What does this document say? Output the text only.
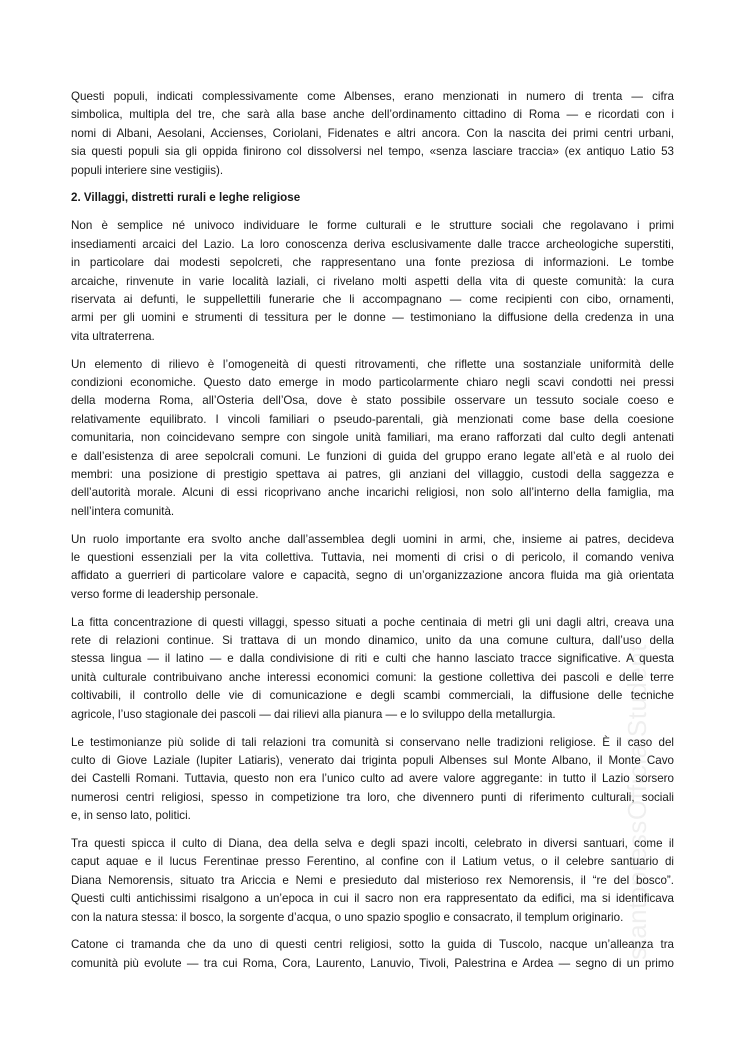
Questi populi, indicati complessivamente come Albenses, erano menzionati in numero di trenta — cifra
simbolica, multipla del tre, che sarà alla base anche dell’ordinamento cittadino di Roma — e ricordati con i
nomi di Albani, Aesolani, Accienses, Coriolani, Fidenates e altri ancora. Con la nascita dei primi centri urbani,
sia questi populi sia gli oppida finirono col dissolversi nel tempo, «senza lasciare traccia» (ex antiquo Latio 53
populi interiere sine vestigiis).
2. Villaggi, distretti rurali e leghe religiose
Non è semplice né univoco individuare le forme culturali e le strutture sociali che regolavano i primi
insediamenti arcaici del Lazio. La loro conoscenza deriva esclusivamente dalle tracce archeologiche superstiti,
in particolare dai modesti sepolcreti, che rappresentano una fonte preziosa di informazioni. Le tombe
arcaiche, rinvenute in varie località laziali, ci rivelano molti aspetti della vita di queste comunità: la cura
riservata ai defunti, le suppellettili funerarie che li accompagnano — come recipienti con cibo, ornamenti,
armi per gli uomini e strumenti di tessitura per le donne — testimoniano la diffusione della credenza in una
vita ultraterrena.
Un elemento di rilievo è l’omogeneità di questi ritrovamenti, che riflette una sostanziale uniformità delle
condizioni economiche. Questo dato emerge in modo particolarmente chiaro negli scavi condotti nei pressi
della moderna Roma, all’Osteria dell’Osa, dove è stato possibile osservare un tessuto sociale coeso e
relativamente equilibrato. I vincoli familiari o pseudo-parentali, già menzionati come base della coesione
comunitaria, non coincidevano sempre con singole unità familiari, ma erano rafforzati dal culto degli antenati
e dall’esistenza di aree sepolcrali comuni. Le funzioni di guida del gruppo erano legate all’età e al ruolo dei
membri: una posizione di prestigio spettava ai patres, gli anziani del villaggio, custodi della saggezza e
dell’autorità morale. Alcuni di essi ricoprivano anche incarichi religiosi, non solo all’interno della famiglia, ma
nell’intera comunità.
Un ruolo importante era svolto anche dall’assemblea degli uomini in armi, che, insieme ai patres, decideva
le questioni essenziali per la vita collettiva. Tuttavia, nei momenti di crisi o di pericolo, il comando veniva
affidato a guerrieri di particolare valore e capacità, segno di un’organizzazione ancora fluida ma già orientata
verso forme di leadership personale.
La fitta concentrazione di questi villaggi, spesso situati a poche centinaia di metri gli uni dagli altri, creava una
rete di relazioni continue. Si trattava di un mondo dinamico, unito da una comune cultura, dall’uso della
stessa lingua — il latino — e dalla condivisione di riti e culti che hanno lasciato tracce significative. A questa
unità culturale contribuivano anche interessi economici comuni: la gestione collettiva dei pascoli e delle terre
coltivabili, il controllo delle vie di comunicazione e degli scambi commerciali, la diffusione delle tecniche
agricole, l’uso stagionale dei pascoli — dai rilievi alla pianura — e lo sviluppo della metallurgia.
Le testimonianze più solide di tali relazioni tra comunità si conservano nelle tradizioni religiose. È il caso del
culto di Giove Laziale (Iupiter Latiaris), venerato dai triginta populi Albenses sul Monte Albano, il Monte Cavo
dei Castelli Romani. Tuttavia, questo non era l’unico culto ad avere valore aggregante: in tutto il Lazio sorsero
numerosi centri religiosi, spesso in competizione tra loro, che divennero punti di riferimento culturali, sociali
e, in senso lato, politici.
Tra questi spicca il culto di Diana, dea della selva e degli spazi incolti, celebrato in diversi santuari, come il
caput aquae e il lucus Ferentinae presso Ferentino, al confine con il Latium vetus, o il celebre santuario di
Diana Nemorensis, situato tra Ariccia e Nemi e presieduto dal misterioso rex Nemorensis, il “re del bosco”.
Questi culti antichissimi risalgono a un’epoca in cui il sacro non era rappresentato da edifici, ma si identificava
con la natura stessa: il bosco, la sorgente d’acqua, o uno spazio spoglio e consacrato, il templum originario.
Catone ci tramanda che da uno di questi centri religiosi, sotto la guida di Tuscolo, nacque un’alleanza tra
comunità più evolute — tra cui Roma, Cora, Laurento, Lanuvio, Tivoli, Palestrina e Ardea — segno di un primo
stantopressOfficialStudent
